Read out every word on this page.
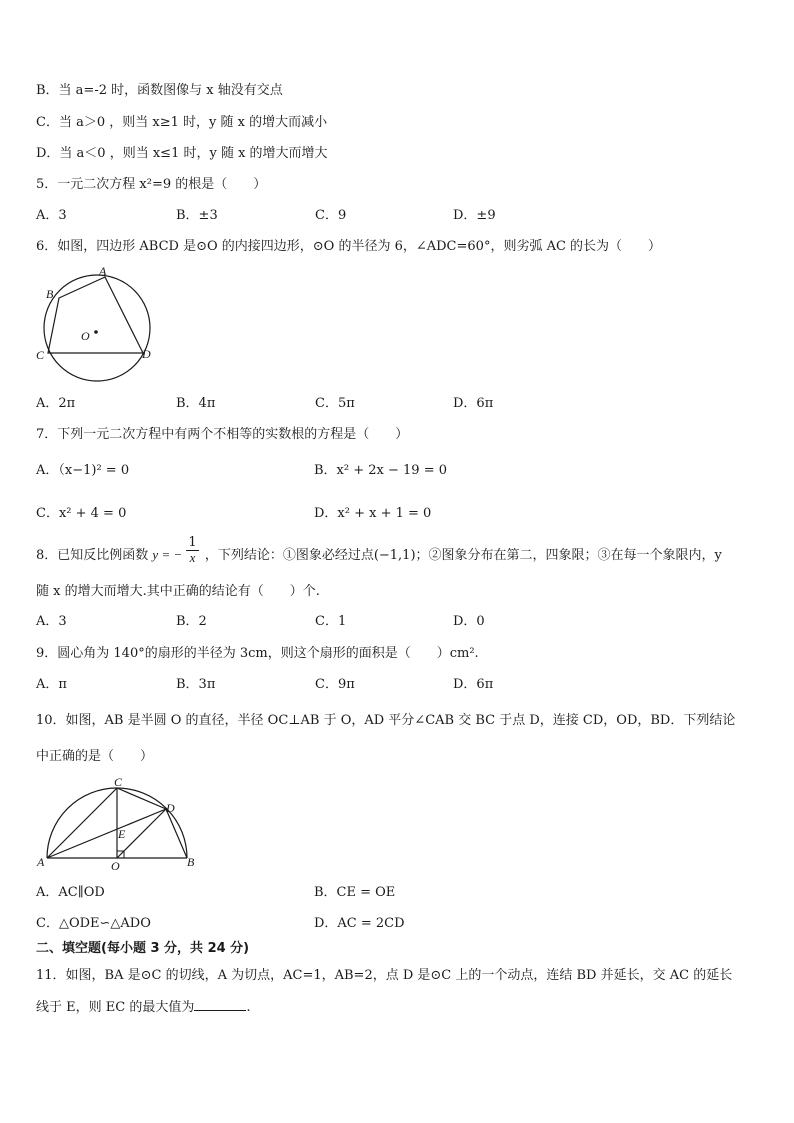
B．当 a=-2 时，函数图像与 x 轴没有交点
C．当 a＞0 ，则当 x≥1 时，y 随 x 的增大而减小
D．当 a＜0 ，则当 x≤1 时，y 随 x 的增大而增大
5．一元二次方程 x²=9 的根是（　　）
A．3	B．±3	C．9	D．±9
6．如图，四边形 ABCD 是⊙O 的内接四边形，⊙O 的半径为 6，∠ADC=60°，则劣弧 AC 的长为（　　）
A
B
C	D
O
A．2π	B．4π	C．5π	D．6π
7．下列一元二次方程中有两个不相等的实数根的方程是（　　）
A．（x−1)² = 0	B．x² + 2x − 19 = 0
C．x² + 4 = 0	D．x² + x + 1 = 0
8．已知反比例函数 y = − $\frac{1}{x}$ ，下列结论：①图象必经过点(−1,1)；②图象分布在第二，四象限；③在每一个象限内，y
随 x 的增大而增大.其中正确的结论有（　　）个.
A．3	B．2	C．1	D．0
9．圆心角为 140°的扇形的半径为 3cm，则这个扇形的面积是（　　）cm².
A．π	B．3π	C．9π	D．6π
10．如图，AB 是半圆 O 的直径，半径 OC⊥AB 于 O，AD 平分∠CAB 交 BC 于点 D，连接 CD，OD，BD．下列结论
中正确的是（　　）
C
D
E
A	O	B
A．AC∥OD	B．CE = OE
C．△ODE∽△ADO	D．AC = 2CD
二、填空题(每小题 3 分，共 24 分)
11．如图，BA 是⊙C 的切线，A 为切点，AC=1，AB=2，点 D 是⊙C 上的一个动点，连结 BD 并延长，交 AC 的延长
线于 E，则 EC 的最大值为	.
